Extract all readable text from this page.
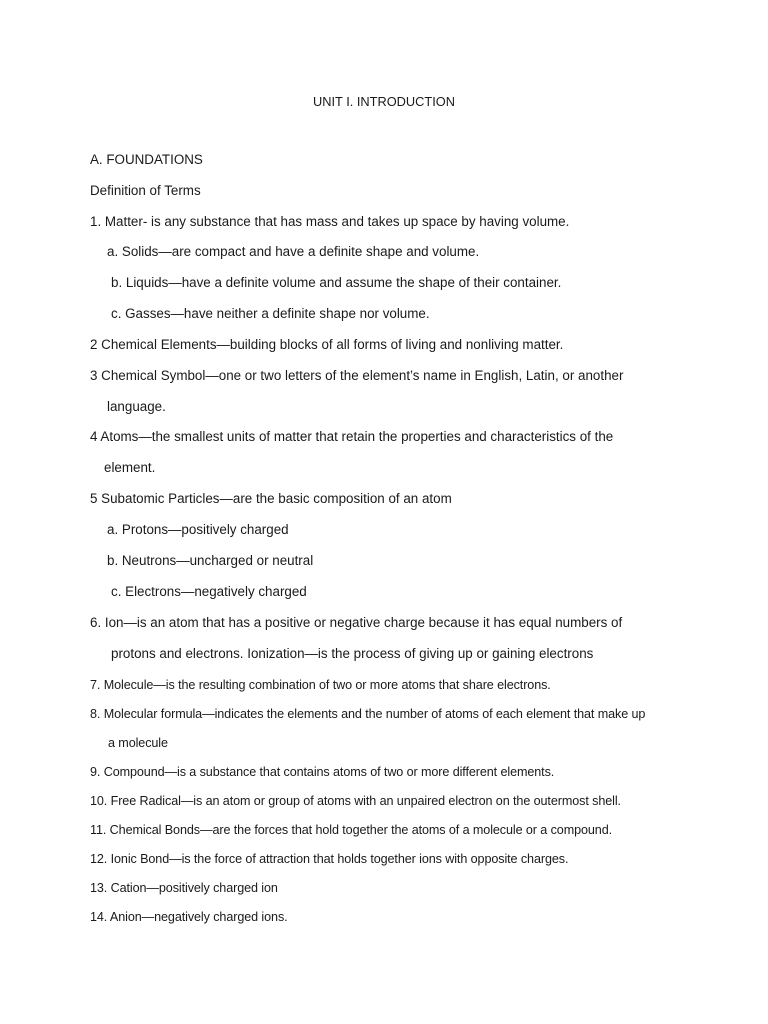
UNIT I. INTRODUCTION
A. FOUNDATIONS
Definition of Terms
1. Matter- is any substance that has mass and takes up space by having volume.
a. Solids—are compact and have a definite shape and volume.
b. Liquids—have a definite volume and assume the shape of their container.
c. Gasses—have neither a definite shape nor volume.
2 Chemical Elements—building blocks of all forms of living and nonliving matter.
3 Chemical Symbol—one or two letters of the element’s name in English, Latin, or another
language.
4 Atoms—the smallest units of matter that retain the properties and characteristics of the
element.
5 Subatomic Particles—are the basic composition of an atom
a. Protons—positively charged
b. Neutrons—uncharged or neutral
c. Electrons—negatively charged
6. Ion—is an atom that has a positive or negative charge because it has equal numbers of
protons and electrons. Ionization—is the process of giving up or gaining electrons
7. Molecule—is the resulting combination of two or more atoms that share electrons.
8. Molecular formula—indicates the elements and the number of atoms of each element that make up
a molecule
9. Compound—is a substance that contains atoms of two or more different elements.
10. Free Radical—is an atom or group of atoms with an unpaired electron on the outermost shell.
11. Chemical Bonds—are the forces that hold together the atoms of a molecule or a compound.
12. Ionic Bond—is the force of attraction that holds together ions with opposite charges.
13. Cation—positively charged ion
14. Anion—negatively charged ions.
